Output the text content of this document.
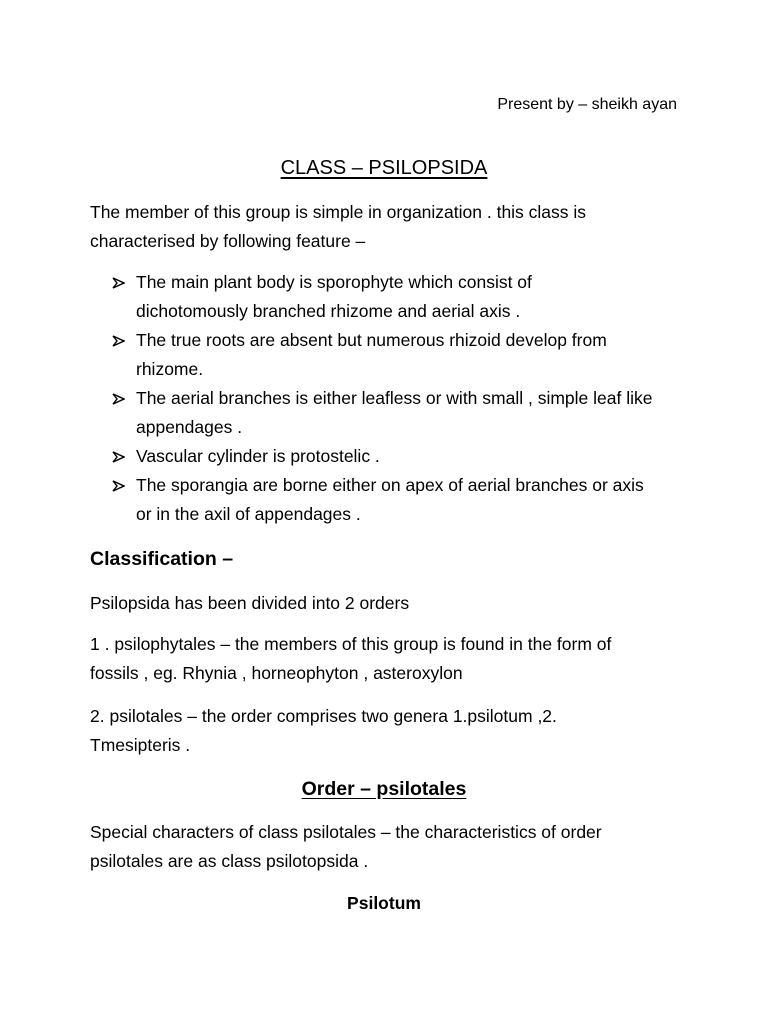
Present by – sheikh ayan

CLASS – PSILOPSIDA
The member of this group is simple in organization . this class is
characterised by following feature –
The main plant body is sporophyte which consist of
dichotomously branched rhizome and aerial axis .
The true roots are absent but numerous rhizoid develop from
rhizome.
The aerial branches is either leafless or with small , simple leaf like
appendages .
Vascular cylinder is protostelic .
The sporangia are borne either on apex of aerial branches or axis
or in the axil of appendages .
Classification –

Psilopsida has been divided into 2 orders

1 . psilophytales – the members of this group is found in the form of
fossils , eg. Rhynia , horneophyton , asteroxylon
2. psilotales – the order comprises two genera 1.psilotum ,2.
Tmesipteris .
Order – psilotales
Special characters of class psilotales – the characteristics of order
psilotales are as class psilotopsida .
Psilotum
